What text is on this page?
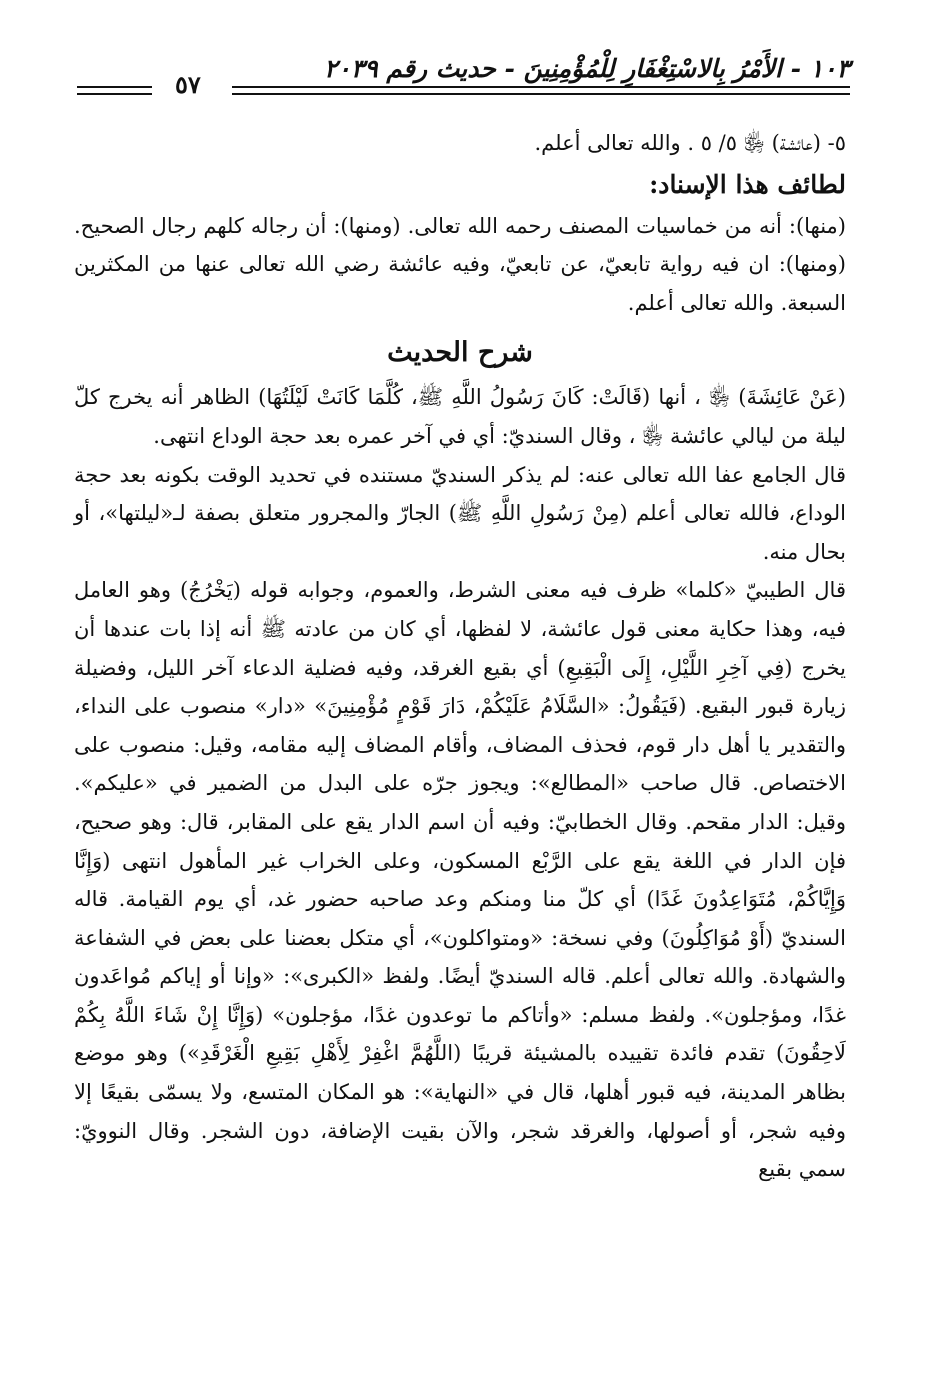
١٠٣ - الأَمْرُ بِالاسْتِغْفَارِ لِلْمُؤْمِنِينَ - حديث رقم ٢٠٣٩
٥٧

٥- (عائشة) ﵂ ٥/ ٥ . والله تعالى أعلم.

لطائف هذا الإسناد:

(منها): أنه من خماسيات المصنف رحمه الله تعالى. (ومنها): أن رجاله كلهم رجال الصحيح. (ومنها): ان فيه رواية تابعيّ، عن تابعيّ، وفيه عائشة رضي الله تعالى عنها من المكثرين السبعة. والله تعالى أعلم.

شرح الحديث

(عَنْ عَائِشَةَ) ﵂ ، أنها (قَالَتْ: كَانَ رَسُولُ اللَّهِ ﷺ، كُلَّمَا كَانَتْ لَيْلَتُهَا) الظاهر أنه يخرج كلّ ليلة من ليالي عائشة ﵂ ، وقال السنديّ: أي في آخر عمره بعد حجة الوداع انتهى.

قال الجامع عفا الله تعالى عنه: لم يذكر السنديّ مستنده في تحديد الوقت بكونه بعد حجة الوداع، فالله تعالى أعلم (مِنْ رَسُولِ اللَّهِ ﷺ) الجارّ والمجرور متعلق بصفة لـ«ليلتها»، أو بحال منه.

قال الطيبيّ «كلما» ظرف فيه معنى الشرط، والعموم، وجوابه قوله (يَخْرُجُ) وهو العامل فيه، وهذا حكاية معنى قول عائشة، لا لفظها، أي كان من عادته ﷺ أنه إذا بات عندها أن يخرج (فِي آخِرِ اللَّيْلِ، إِلَى الْبَقِيعِ) أي بقيع الغرقد، وفيه فضلية الدعاء آخر الليل، وفضيلة زيارة قبور البقيع. (فَيَقُولُ: «السَّلَامُ عَلَيْكُمْ، دَارَ قَوْمٍ مُؤْمِنِينَ» «دار» منصوب على النداء، والتقدير يا أهل دار قوم، فحذف المضاف، وأقام المضاف إليه مقامه، وقيل: منصوب على الاختصاص. قال صاحب «المطالع»: ويجوز جرّه على البدل من الضمير في «عليكم». وقيل: الدار مقحم. وقال الخطابيّ: وفيه أن اسم الدار يقع على المقابر، قال: وهو صحيح، فإن الدار في اللغة يقع على الرَّبْع المسكون، وعلى الخراب غير المأهول انتهى (وَإِنَّا وَإِيَّاكُمْ، مُتَوَاعِدُونَ غَدًا) أي كلّ منا ومنكم وعد صاحبه حضور غد، أي يوم القيامة. قاله السنديّ (أَوْ مُوَاكِلُونَ) وفي نسخة: «ومتواكلون»، أي متكل بعضنا على بعض في الشفاعة والشهادة. والله تعالى أعلم. قاله السنديّ أيضًا. ولفظ «الكبرى»: «وإنا أو إياكم مُواعَدون غدًا، ومؤجلون». ولفظ مسلم: «وأتاكم ما توعدون غدًا، مؤجلون» (وَإِنَّا إِنْ شَاءَ اللَّهُ بِكُمْ لَاحِقُونَ) تقدم فائدة تقييده بالمشيئة قريبًا (اللَّهُمَّ اغْفِرْ لِأَهْلِ بَقِيعِ الْغَرْقَدِ») وهو موضع بظاهر المدينة، فيه قبور أهلها، قال في «النهاية»: هو المكان المتسع، ولا يسمّى بقيعًا إلا وفيه شجر، أو أصولها، والغرقد شجر، والآن بقيت الإضافة، دون الشجر. وقال النوويّ: سمي بقيع
